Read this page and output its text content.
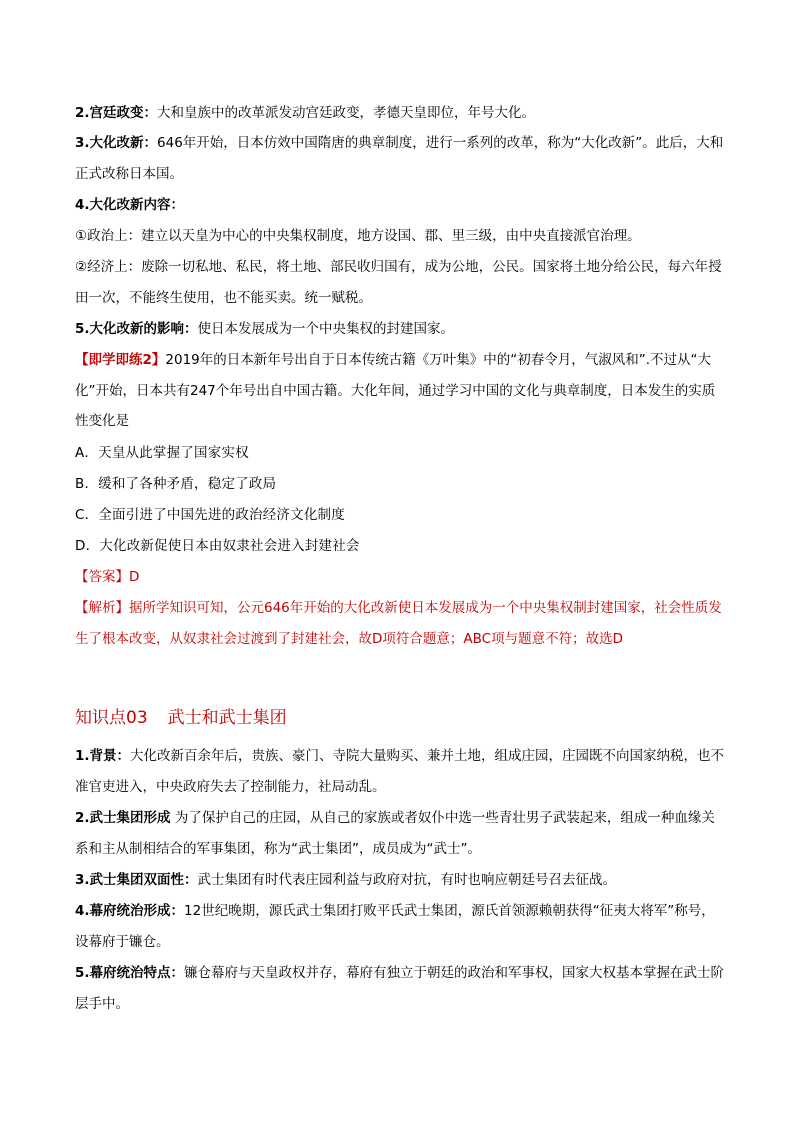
2.宫廷政变：大和皇族中的改革派发动宫廷政变，孝德天皇即位，年号大化。
3.大化改新：646年开始，日本仿效中国隋唐的典章制度，进行一系列的改革，称为“大化改新”。此后，大和正式改称日本国。
4.大化改新内容：
①政治上：建立以天皇为中心的中央集权制度，地方设国、郡、里三级，由中央直接派官治理。
②经济上：废除一切私地、私民，将土地、部民收归国有，成为公地，公民。国家将土地分给公民，每六年授田一次，不能终生使用，也不能买卖。统一赋税。
5.大化改新的影响：使日本发展成为一个中央集权的封建国家。
【即学即练2】2019年的日本新年号出自于日本传统古籍《万叶集》中的“初春令月，气淑风和”.不过从“大化”开始，日本共有247个年号出自中国古籍。大化年间，通过学习中国的文化与典章制度，日本发生的实质性变化是
A．天皇从此掌握了国家实权
B．缓和了各种矛盾，稳定了政局
C．全面引进了中国先进的政治经济文化制度
D．大化改新促使日本由奴隶社会进入封建社会
【答案】D
【解析】据所学知识可知，公元646年开始的大化改新使日本发展成为一个中央集权制封建国家，社会性质发生了根本改变，从奴隶社会过渡到了封建社会，故D项符合题意；ABC项与题意不符；故选D
知识点03 武士和武士集团
1.背景：大化改新百余年后，贵族、豪门、寺院大量购买、兼并土地，组成庄园，庄园既不向国家纳税，也不准官吏进入，中央政府失去了控制能力，社局动乱。
2.武士集团形成 为了保护自己的庄园，从自己的家族或者奴仆中选一些青壮男子武装起来，组成一种血缘关系和主从制相结合的军事集团，称为“武士集团”，成员成为“武士”。
3.武士集团双面性：武士集团有时代表庄园利益与政府对抗，有时也响应朝廷号召去征战。
4.幕府统治形成：12世纪晚期，源氏武士集团打败平氏武士集团，源氏首领源赖朝获得“征夷大将军”称号，设幕府于镰仓。
5.幕府统治特点：镰仓幕府与天皇政权并存，幕府有独立于朝廷的政治和军事权，国家大权基本掌握在武士阶层手中。
